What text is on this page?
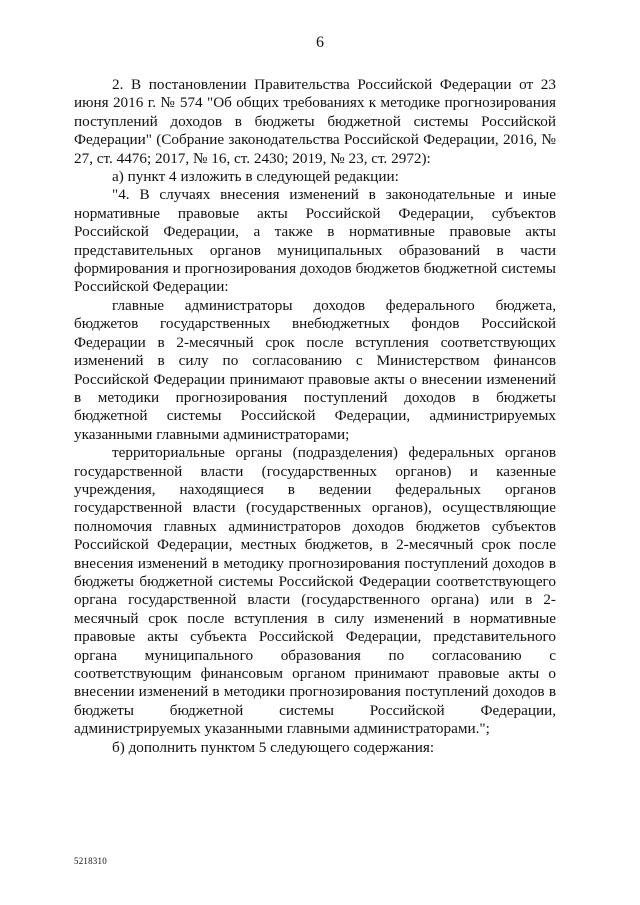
6

2. В постановлении Правительства Российской Федерации от 23 июня 2016 г. № 574 "Об общих требованиях к методике прогнозирования поступлений доходов в бюджеты бюджетной системы Российской Федерации" (Собрание законодательства Российской Федерации, 2016, № 27, ст. 4476; 2017, № 16, ст. 2430; 2019, № 23, ст. 2972):

а) пункт 4 изложить в следующей редакции:

"4. В случаях внесения изменений в законодательные и иные нормативные правовые акты Российской Федерации, субъектов Российской Федерации, а также в нормативные правовые акты представительных органов муниципальных образований в части формирования и прогнозирования доходов бюджетов бюджетной системы Российской Федерации:

главные администраторы доходов федерального бюджета, бюджетов государственных внебюджетных фондов Российской Федерации в 2-месячный срок после вступления соответствующих изменений в силу по согласованию с Министерством финансов Российской Федерации принимают правовые акты о внесении изменений в методики прогнозирования поступлений доходов в бюджеты бюджетной системы Российской Федерации, администрируемых указанными главными администраторами;

территориальные органы (подразделения) федеральных органов государственной власти (государственных органов) и казенные учреждения, находящиеся в ведении федеральных органов государственной власти (государственных органов), осуществляющие полномочия главных администраторов доходов бюджетов субъектов Российской Федерации, местных бюджетов, в 2-месячный срок после внесения изменений в методику прогнозирования поступлений доходов в бюджеты бюджетной системы Российской Федерации соответствующего органа государственной власти (государственного органа) или в 2-месячный срок после вступления в силу изменений в нормативные правовые акты субъекта Российской Федерации, представительного органа муниципального образования по согласованию с соответствующим финансовым органом принимают правовые акты о внесении изменений в методики прогнозирования поступлений доходов в бюджеты бюджетной системы Российской Федерации, администрируемых указанными главными администраторами.";

б) дополнить пунктом 5 следующего содержания:

5218310
